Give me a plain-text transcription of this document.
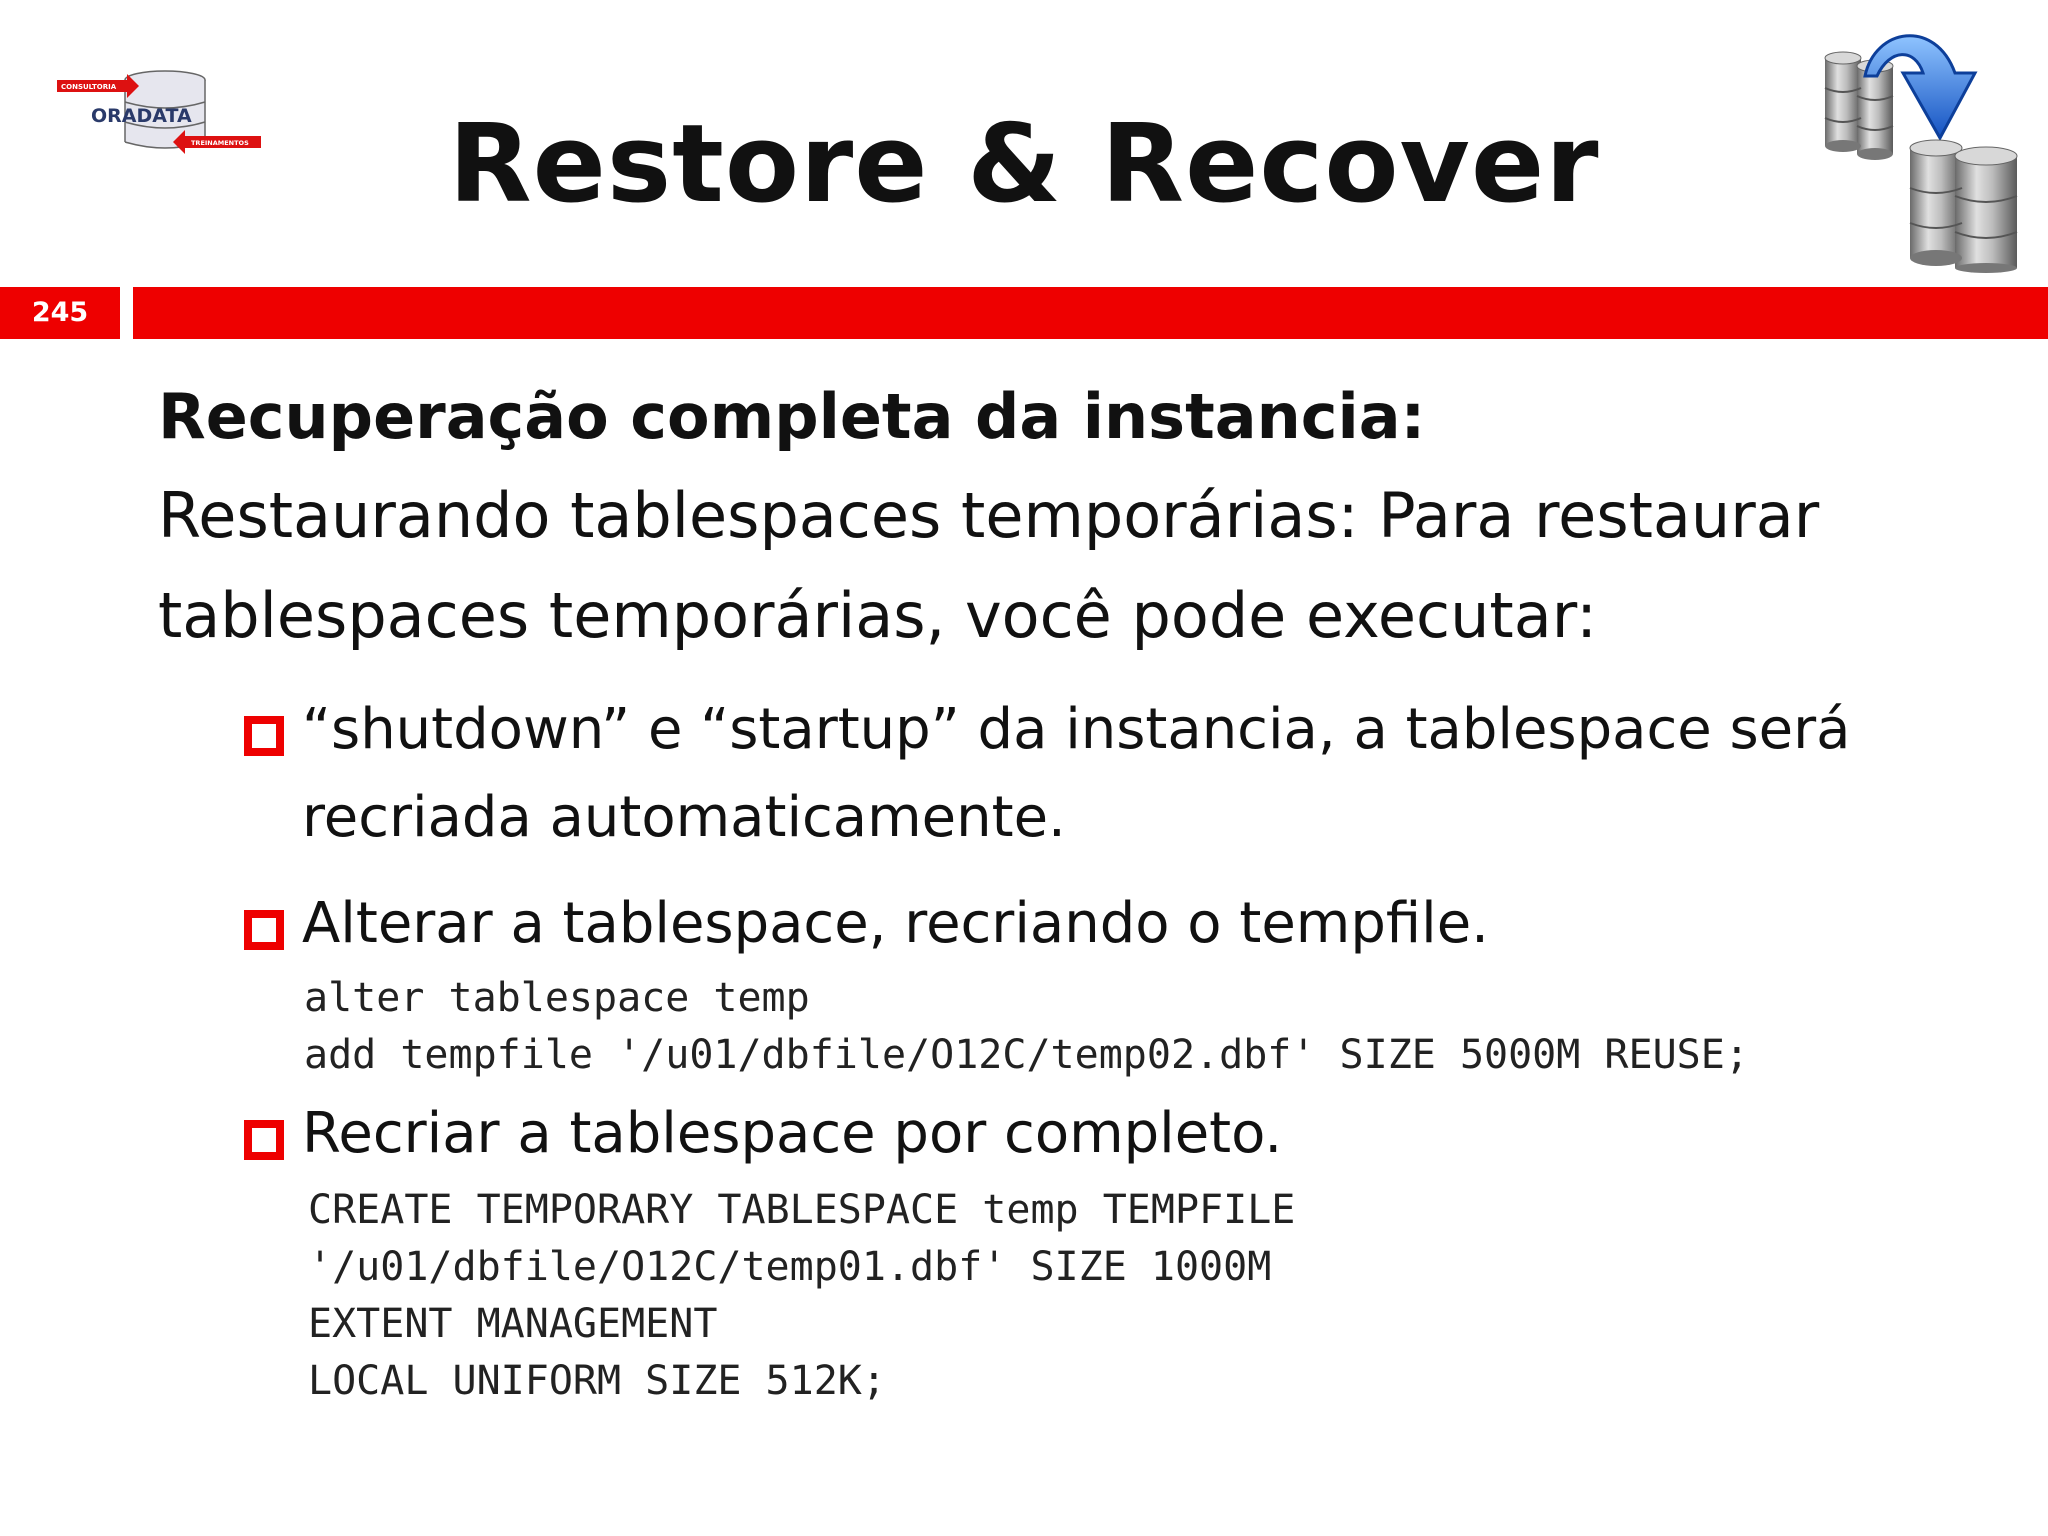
CONSULTORIA
ORADATA
TREINAMENTOS	Restore & Recover
245

Recuperação completa da instancia:

Restaurando tablespaces temporárias: Para restaurar
tablespaces temporárias, você pode executar:

“shutdown” e “startup” da instancia, a tablespace será
recriada automaticamente.
Alterar a tablespace, recriando o tempfile.
alter tablespace temp
add tempfile '/u01/dbfile/O12C/temp02.dbf' SIZE 5000M REUSE;
Recriar a tablespace por completo.
CREATE TEMPORARY TABLESPACE temp TEMPFILE
'/u01/dbfile/O12C/temp01.dbf' SIZE 1000M
EXTENT MANAGEMENT
LOCAL UNIFORM SIZE 512K;
